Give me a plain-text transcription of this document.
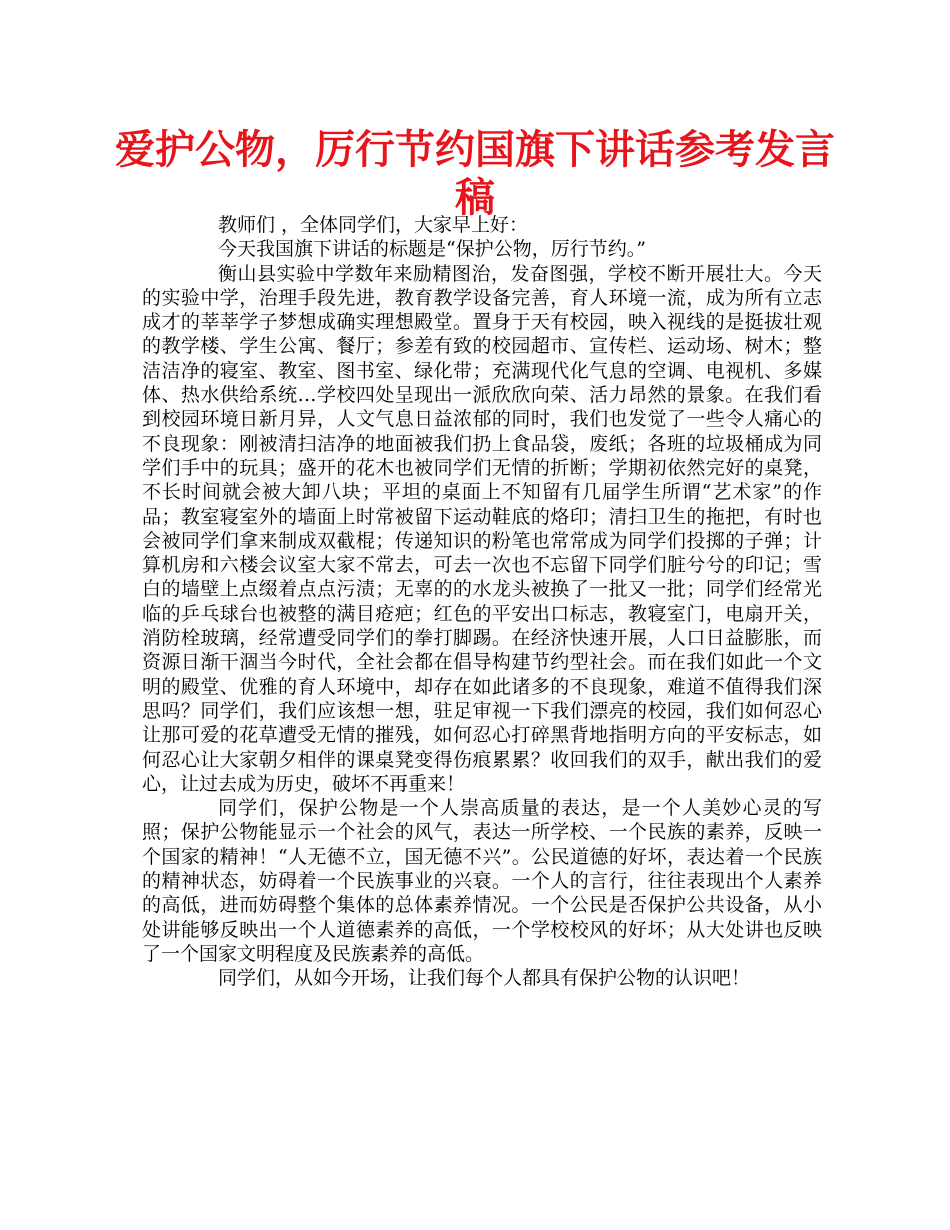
爱护公物，厉行节约国旗下讲话参考发言稿

教师们 ，全体同学们，大家早上好：

今天我国旗下讲话的标题是“保护公物，厉行节约。”

衡山县实验中学数年来励精图治，发奋图强，学校不断开展壮大。今天的实验中学，治理手段先进，教育教学设备完善，育人环境一流，成为所有立志成才的莘莘学子梦想成确实理想殿堂。置身于天有校园，映入视线的是挺拔壮观的教学楼、学生公寓、餐厅；参差有致的校园超市、宣传栏、运动场、树木；整洁洁净的寝室、教室、图书室、绿化带；充满现代化气息的空调、电视机、多媒体、热水供给系统…学校四处呈现出一派欣欣向荣、活力昂然的景象。在我们看到校园环境日新月异，人文气息日益浓郁的同时，我们也发觉了一些令人痛心的不良现象：刚被清扫洁净的地面被我们扔上食品袋，废纸；各班的垃圾桶成为同学们手中的玩具；盛开的花木也被同学们无情的折断；学期初依然完好的桌凳，不长时间就会被大卸八块；平坦的桌面上不知留有几届学生所谓“艺术家”的作品；教室寝室外的墙面上时常被留下运动鞋底的烙印；清扫卫生的拖把，有时也会被同学们拿来制成双截棍；传递知识的粉笔也常常成为同学们投掷的子弹；计算机房和六楼会议室大家不常去，可去一次也不忘留下同学们脏兮兮的印记；雪白的墙壁上点缀着点点污渍；无辜的的水龙头被换了一批又一批；同学们经常光临的乒乓球台也被整的满目疮疤；红色的平安出口标志，教寝室门，电扇开关，消防栓玻璃，经常遭受同学们的拳打脚踢。在经济快速开展，人口日益膨胀，而资源日渐干涸当今时代，全社会都在倡导构建节约型社会。而在我们如此一个文明的殿堂、优雅的育人环境中，却存在如此诸多的不良现象，难道不值得我们深思吗？同学们，我们应该想一想，驻足审视一下我们漂亮的校园，我们如何忍心让那可爱的花草遭受无情的摧残，如何忍心打碎黑背地指明方向的平安标志，如何忍心让大家朝夕相伴的课桌凳变得伤痕累累？收回我们的双手，献出我们的爱心，让过去成为历史，破坏不再重来！

同学们，保护公物是一个人崇高质量的表达，是一个人美妙心灵的写照；保护公物能显示一个社会的风气，表达一所学校、一个民族的素养，反映一个国家的精神！“人无德不立，国无德不兴”。公民道德的好坏，表达着一个民族的精神状态，妨碍着一个民族事业的兴衰。一个人的言行，往往表现出个人素养的高低，进而妨碍整个集体的总体素养情况。一个公民是否保护公共设备，从小处讲能够反映出一个人道德素养的高低，一个学校校风的好坏；从大处讲也反映了一个国家文明程度及民族素养的高低。

同学们，从如今开场，让我们每个人都具有保护公物的认识吧！
